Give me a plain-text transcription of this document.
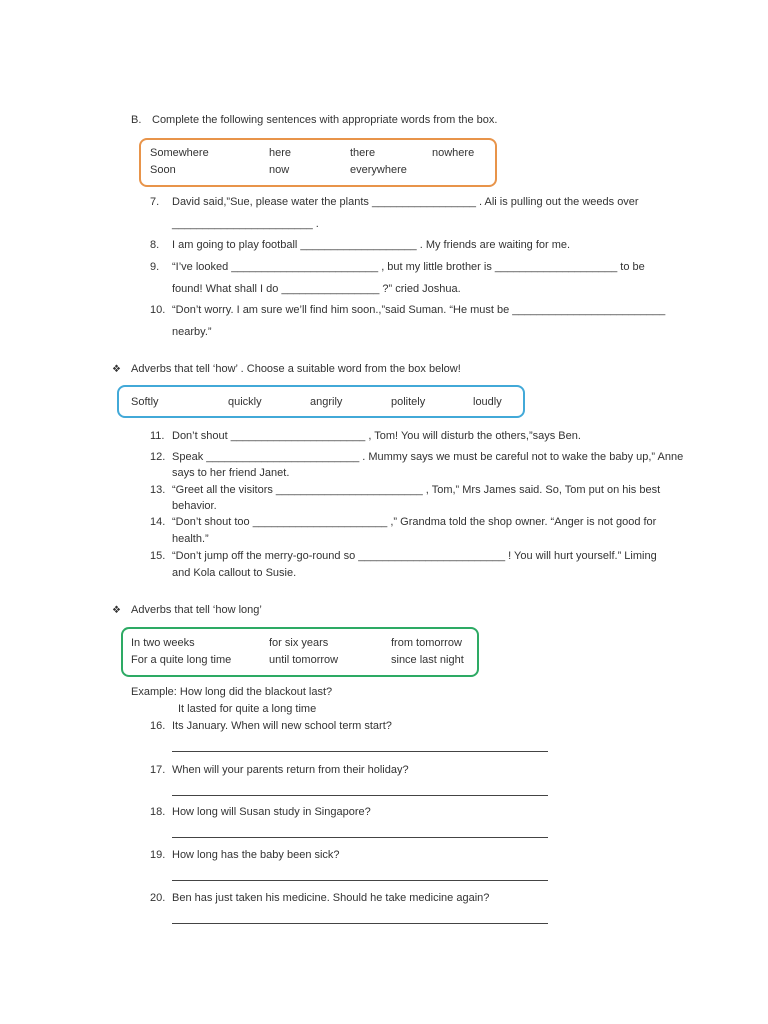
B. Complete the following sentences with appropriate words from the box.
Somewhere	here	there	nowhere
Soon	now	everywhere
7. David said,”Sue, please water the plants _________________ . Ali is pulling out the weeds over
_______________________ .
8. I am going to play football ___________________ . My friends are waiting for me.
9. “I’ve looked ________________________ , but my little brother is ____________________ to be
found! What shall I do ________________ ?” cried Joshua.
10. “Don’t worry. I am sure we’ll find him soon.,”said Suman. “He must be _________________________
nearby.”
❖ Adverbs that tell ‘how’ . Choose a suitable word from the box below!
Softly	quickly	angrily	politely	loudly
11. Don’t shout ______________________ , Tom! You will disturb the others,”says Ben.
12. Speak _________________________ . Mummy says we must be careful not to wake the baby up,” Anne
says to her friend Janet.
13. “Greet all the visitors ________________________ , Tom,” Mrs James said. So, Tom put on his best
behavior.
14. “Don’t shout too ______________________ ,” Grandma told the shop owner. “Anger is not good for
health.”
15. “Don’t jump off the merry-go-round so ________________________ ! You will hurt yourself.” Liming
and Kola callout to Susie.
❖ Adverbs that tell ‘how long’
In two weeks	for six years	from tomorrow
For a quite long time	until tomorrow	since last night
Example: How long did the blackout last?
It lasted for quite a long time
16. Its January. When will new school term start?
17. When will your parents return from their holiday?
18. How long will Susan study in Singapore?
19. How long has the baby been sick?
20. Ben has just taken his medicine. Should he take medicine again?
